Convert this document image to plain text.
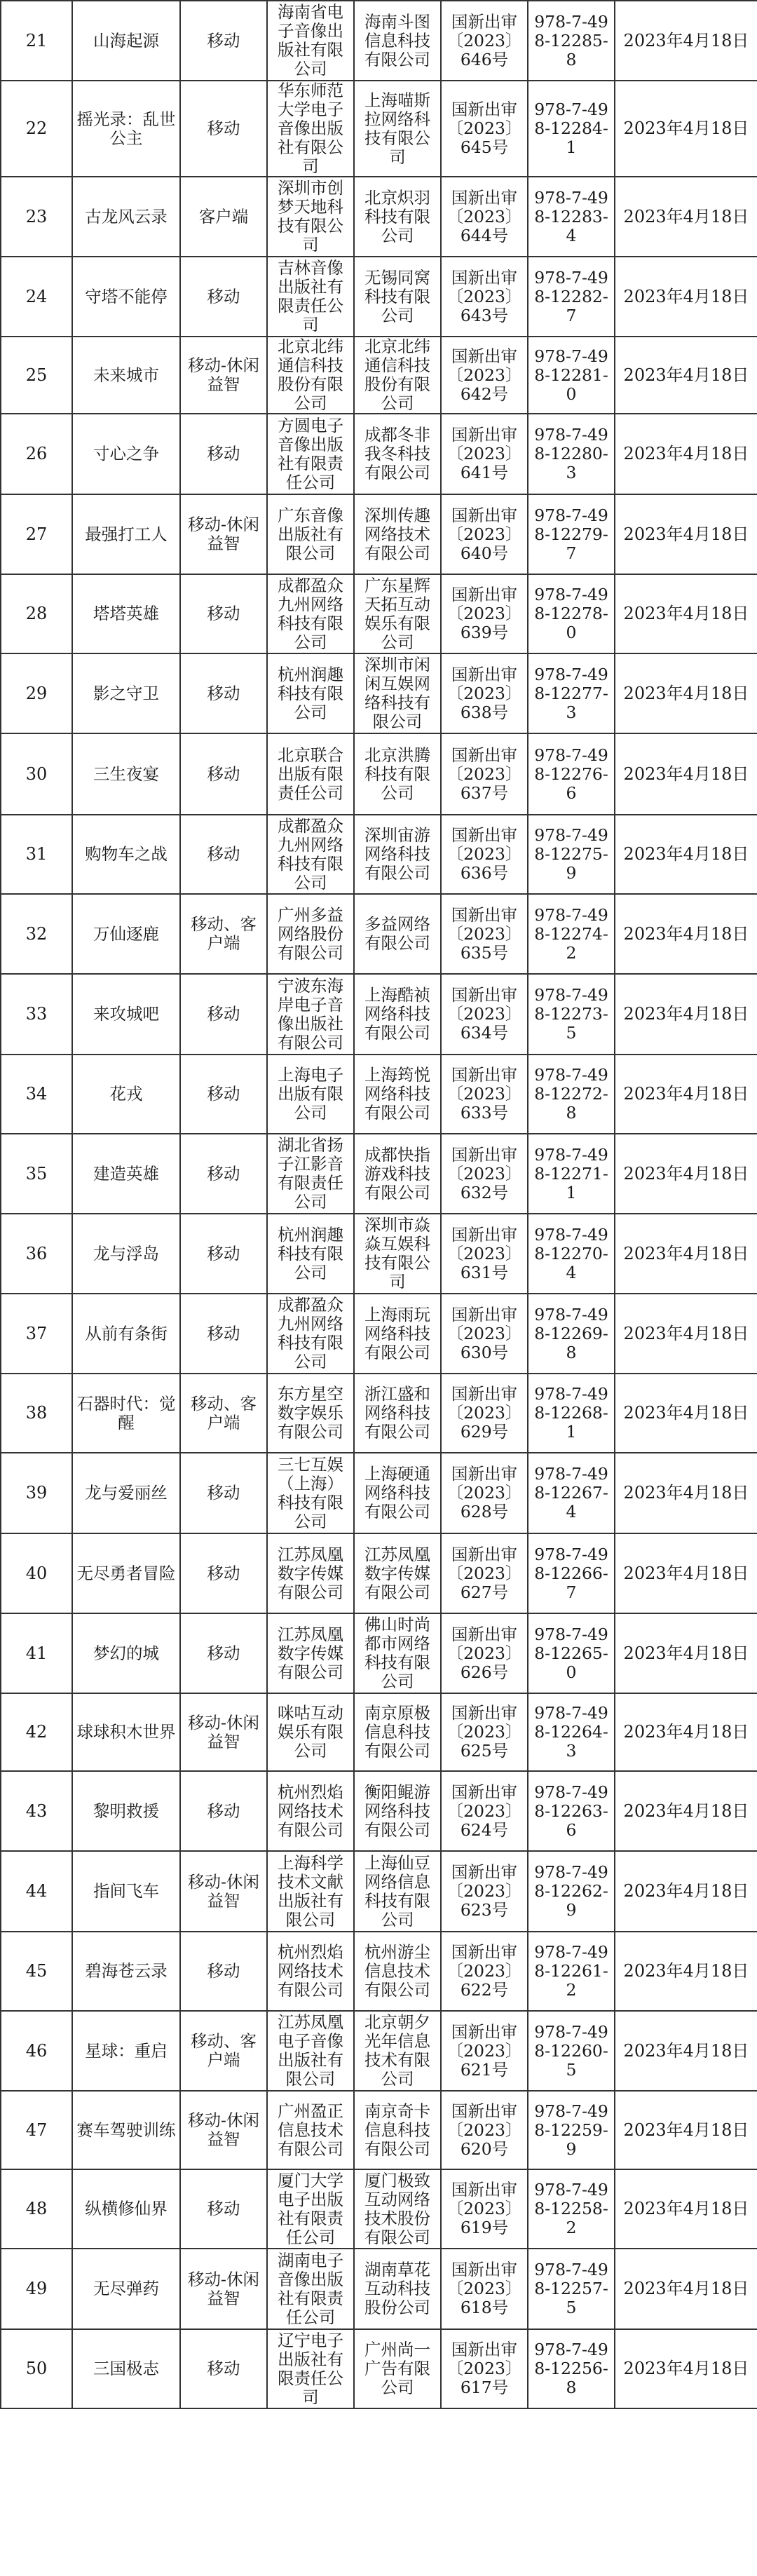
21	山海起源	移动	海南省电子音像出版社有限公司	海南斗图信息科技有限公司	国新出审〔2023〕646号	978-7-498-12285-8	2023年4月18日
22	摇光录：乱世公主	移动	华东师范大学电子音像出版社有限公司	上海喵斯拉网络科技有限公司	国新出审〔2023〕645号	978-7-498-12284-1	2023年4月18日
23	古龙风云录	客户端	深圳市创梦天地科技有限公司	北京炽羽科技有限公司	国新出审〔2023〕644号	978-7-498-12283-4	2023年4月18日
24	守塔不能停	移动	吉林音像出版社有限责任公司	无锡同窝科技有限公司	国新出审〔2023〕643号	978-7-498-12282-7	2023年4月18日
25	未来城市	移动-休闲益智	北京北纬通信科技股份有限公司	北京北纬通信科技股份有限公司	国新出审〔2023〕642号	978-7-498-12281-0	2023年4月18日
26	寸心之争	移动	方圆电子音像出版社有限责任公司	成都冬非我冬科技有限公司	国新出审〔2023〕641号	978-7-498-12280-3	2023年4月18日
27	最强打工人	移动-休闲益智	广东音像出版社有限公司	深圳传趣网络技术有限公司	国新出审〔2023〕640号	978-7-498-12279-7	2023年4月18日
28	塔塔英雄	移动	成都盈众九州网络科技有限公司	广东星辉天拓互动娱乐有限公司	国新出审〔2023〕639号	978-7-498-12278-0	2023年4月18日
29	影之守卫	移动	杭州润趣科技有限公司	深圳市闲闲互娱网络科技有限公司	国新出审〔2023〕638号	978-7-498-12277-3	2023年4月18日
30	三生夜宴	移动	北京联合出版有限责任公司	北京洪腾科技有限公司	国新出审〔2023〕637号	978-7-498-12276-6	2023年4月18日
31	购物车之战	移动	成都盈众九州网络科技有限公司	深圳宙游网络科技有限公司	国新出审〔2023〕636号	978-7-498-12275-9	2023年4月18日
32	万仙逐鹿	移动、客户端	广州多益网络股份有限公司	多益网络有限公司	国新出审〔2023〕635号	978-7-498-12274-2	2023年4月18日
33	来攻城吧	移动	宁波东海岸电子音像出版社有限公司	上海酷祯网络科技有限公司	国新出审〔2023〕634号	978-7-498-12273-5	2023年4月18日
34	花戎	移动	上海电子出版有限公司	上海筠悦网络科技有限公司	国新出审〔2023〕633号	978-7-498-12272-8	2023年4月18日
35	建造英雄	移动	湖北省扬子江影音有限责任公司	成都快指游戏科技有限公司	国新出审〔2023〕632号	978-7-498-12271-1	2023年4月18日
36	龙与浮岛	移动	杭州润趣科技有限公司	深圳市焱焱互娱科技有限公司	国新出审〔2023〕631号	978-7-498-12270-4	2023年4月18日
37	从前有条街	移动	成都盈众九州网络科技有限公司	上海雨玩网络科技有限公司	国新出审〔2023〕630号	978-7-498-12269-8	2023年4月18日
38	石器时代：觉醒	移动、客户端	东方星空数字娱乐有限公司	浙江盛和网络科技有限公司	国新出审〔2023〕629号	978-7-498-12268-1	2023年4月18日
39	龙与爱丽丝	移动	三七互娱（上海）科技有限公司	上海硬通网络科技有限公司	国新出审〔2023〕628号	978-7-498-12267-4	2023年4月18日
40	无尽勇者冒险	移动	江苏凤凰数字传媒有限公司	江苏凤凰数字传媒有限公司	国新出审〔2023〕627号	978-7-498-12266-7	2023年4月18日
41	梦幻的城	移动	江苏凤凰数字传媒有限公司	佛山时尚都市网络科技有限公司	国新出审〔2023〕626号	978-7-498-12265-0	2023年4月18日
42	球球积木世界	移动-休闲益智	咪咕互动娱乐有限公司	南京原极信息科技有限公司	国新出审〔2023〕625号	978-7-498-12264-3	2023年4月18日
43	黎明救援	移动	杭州烈焰网络技术有限公司	衡阳鲲游网络科技有限公司	国新出审〔2023〕624号	978-7-498-12263-6	2023年4月18日
44	指间飞车	移动-休闲益智	上海科学技术文献出版社有限公司	上海仙豆网络信息科技有限公司	国新出审〔2023〕623号	978-7-498-12262-9	2023年4月18日
45	碧海苍云录	移动	杭州烈焰网络技术有限公司	杭州游尘信息技术有限公司	国新出审〔2023〕622号	978-7-498-12261-2	2023年4月18日
46	星球：重启	移动、客户端	江苏凤凰电子音像出版社有限公司	北京朝夕光年信息技术有限公司	国新出审〔2023〕621号	978-7-498-12260-5	2023年4月18日
47	赛车驾驶训练	移动-休闲益智	广州盈正信息技术有限公司	南京奇卡信息科技有限公司	国新出审〔2023〕620号	978-7-498-12259-9	2023年4月18日
48	纵横修仙界	移动	厦门大学电子出版社有限责任公司	厦门极致互动网络技术股份有限公司	国新出审〔2023〕619号	978-7-498-12258-2	2023年4月18日
49	无尽弹药	移动-休闲益智	湖南电子音像出版社有限责任公司	湖南草花互动科技股份公司	国新出审〔2023〕618号	978-7-498-12257-5	2023年4月18日
50	三国极志	移动	辽宁电子出版社有限责任公司	广州尚一广告有限公司	国新出审〔2023〕617号	978-7-498-12256-8	2023年4月18日
